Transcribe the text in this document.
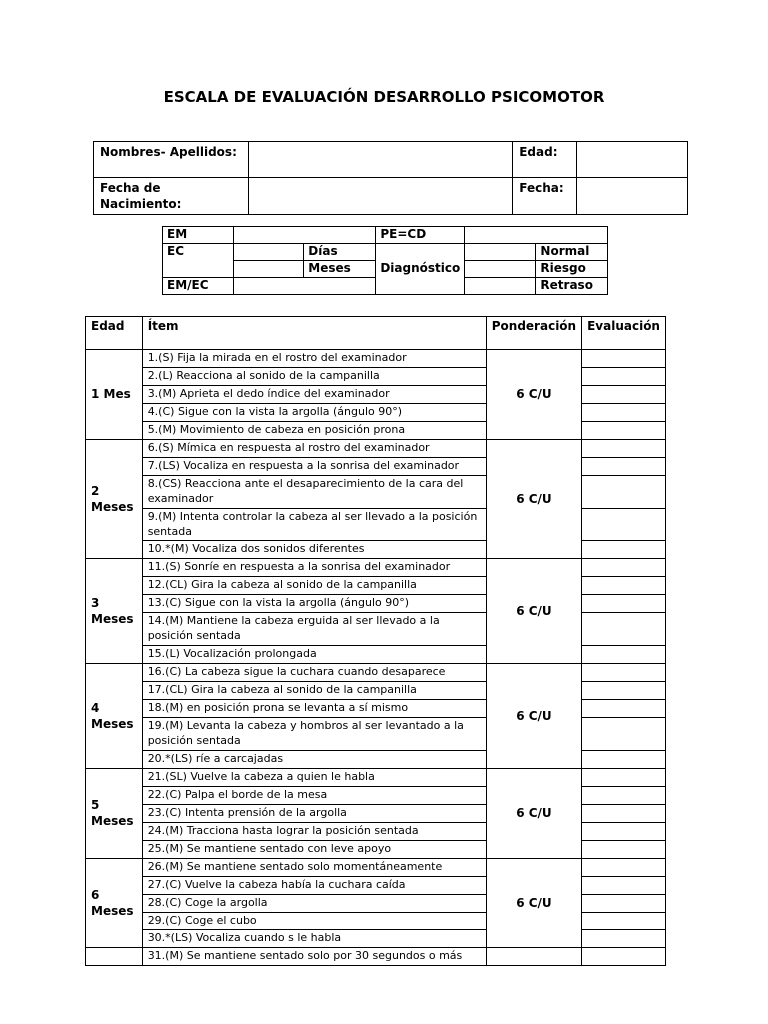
ESCALA DE EVALUACIÓN DESARROLLO PSICOMOTOR
Nombres- Apellidos:		Edad:	
Fecha de Nacimiento:		Fecha:	
EM			PE=CD		
EC		Días	Diagnóstico		Normal
		Meses			Riesgo
EM/EC					Retraso
Edad	Ítem	Ponderación	Evaluación
1 Mes	1.(S) Fija la mirada en el rostro del examinador	6 C/U	
	2.(L) Reacciona al sonido de la campanilla		
	3.(M) Aprieta el dedo índice del examinador		
	4.(C) Sigue con la vista la argolla (ángulo 90°)		
	5.(M) Movimiento de cabeza en posición prona		
2 Meses	6.(S) Mímica en respuesta al rostro del examinador	6 C/U	
	7.(LS) Vocaliza en respuesta a la sonrisa del examinador		
	8.(CS) Reacciona ante el desaparecimiento de la cara del examinador		
	9.(M) Intenta controlar la cabeza al ser llevado a la posición sentada		
	10.*(M) Vocaliza dos sonidos diferentes		
3 Meses	11.(S) Sonríe en respuesta a la sonrisa del examinador	6 C/U	
	12.(CL) Gira la cabeza al sonido de la campanilla		
	13.(C) Sigue con la vista la argolla (ángulo 90°)		
	14.(M) Mantiene la cabeza erguida al ser llevado a la posición sentada		
	15.(L) Vocalización prolongada		
4 Meses	16.(C) La cabeza sigue la cuchara cuando desaparece	6 C/U	
	17.(CL) Gira la cabeza al sonido de la campanilla		
	18.(M) en posición prona se levanta a sí mismo		
	19.(M) Levanta la cabeza y hombros al ser levantado a la posición sentada		
	20.*(LS) ríe a carcajadas		
5 Meses	21.(SL) Vuelve la cabeza a quien le habla	6 C/U	
	22.(C) Palpa el borde de la mesa		
	23.(C) Intenta prensión de la argolla		
	24.(M) Tracciona hasta lograr la posición sentada		
	25.(M) Se mantiene sentado con leve apoyo		
6 Meses	26.(M) Se mantiene sentado solo momentáneamente	6 C/U	
	27.(C) Vuelve la cabeza había la cuchara caída		
	28.(C) Coge la argolla		
	29.(C) Coge el cubo		
	30.*(LS) Vocaliza cuando s le habla		
	31.(M) Se mantiene sentado solo por 30 segundos o más		
